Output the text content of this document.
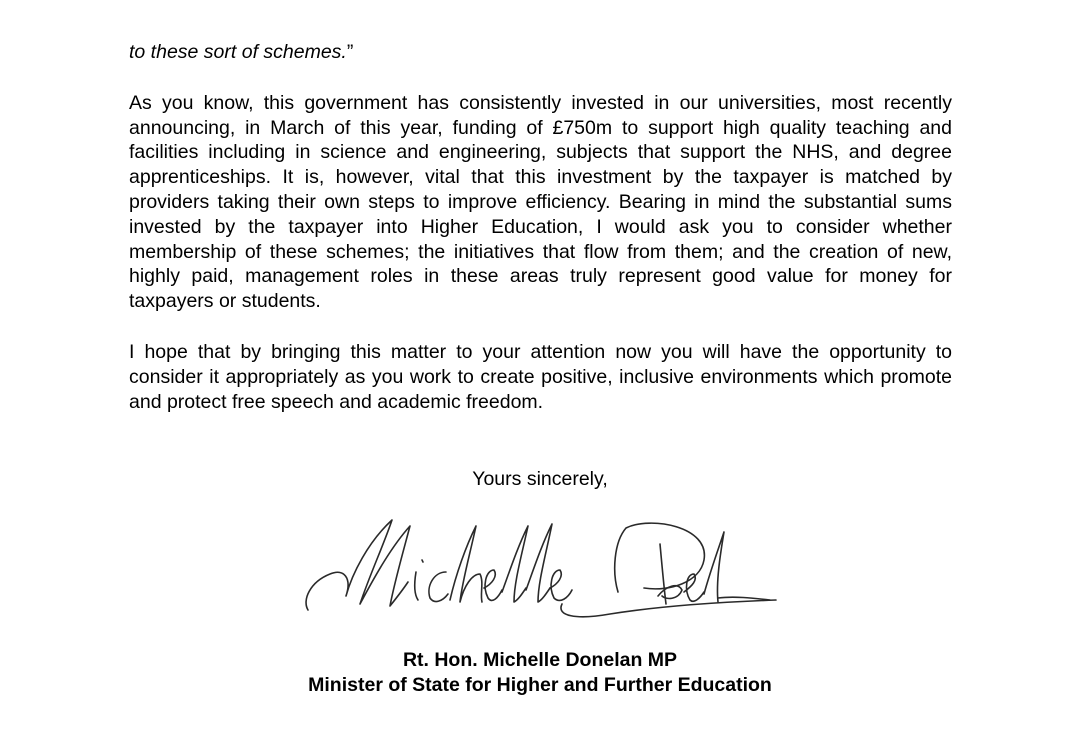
to these sort of schemes.”

As you know, this government has consistently invested in our universities, most recently announcing, in March of this year, funding of £750m to support high quality teaching and facilities including in science and engineering, subjects that support the NHS, and degree apprenticeships. It is, however, vital that this investment by the taxpayer is matched by providers taking their own steps to improve efficiency. Bearing in mind the substantial sums invested by the taxpayer into Higher Education, I would ask you to consider whether membership of these schemes; the initiatives that flow from them; and the creation of new, highly paid, management roles in these areas truly represent good value for money for taxpayers or students.

I hope that by bringing this matter to your attention now you will have the opportunity to consider it appropriately as you work to create positive, inclusive environments which promote and protect free speech and academic freedom.

Yours sincerely,
Rt. Hon. Michelle Donelan MP
Minister of State for Higher and Further Education
